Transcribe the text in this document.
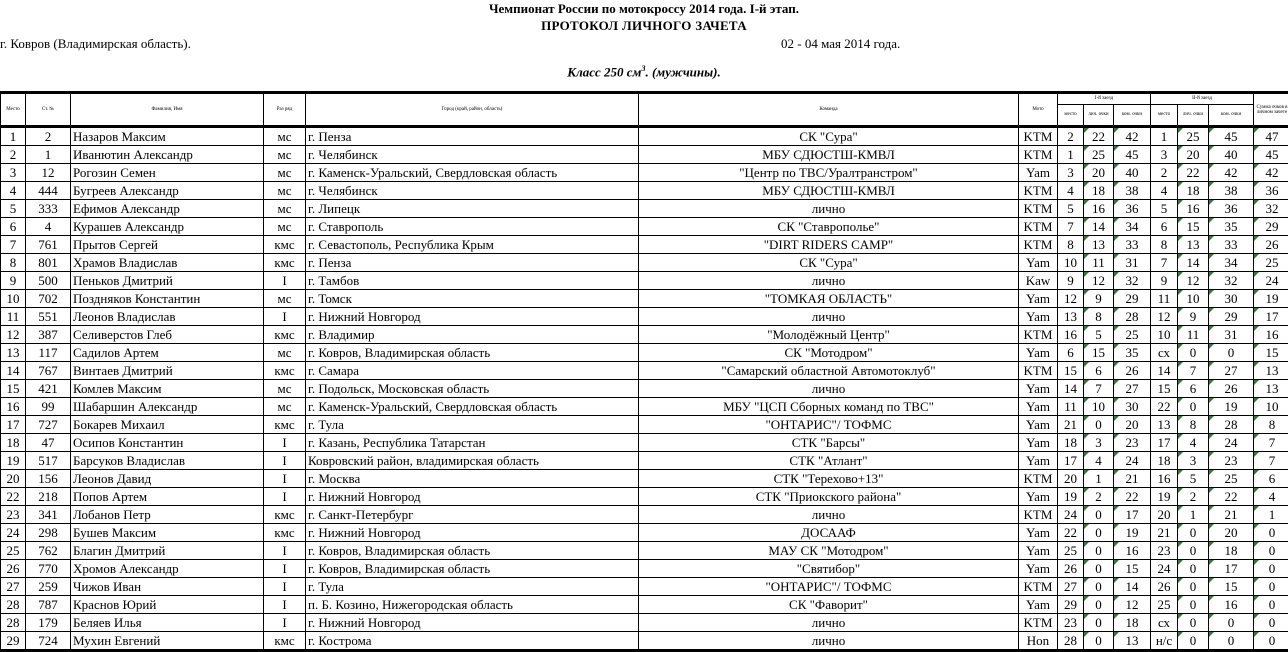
Чемпионат России по мотокроссу 2014 года. I-й этап.
ПРОТОКОЛ ЛИЧНОГО ЗАЧЕТА
г. Ковров (Владимирская область).	02 - 04 мая 2014 года.
Класс 250 $см^3$. (мужчины).
Место	Ст. №	Фамилия, Имя	Раз ряд	Город (край, район, область)	Команда	Мото	I-й заезд			II-й заезд			Сумма очков в личном зачете
							место	лич. очки	ком. очки	место	лич. очки	ком. очки	
1	2	Назаров Максим	мс	г. Пенза	СК "Сура"	KTM	2	22	42	1	25	45	47
2	1	Иванютин Александр	мс	г. Челябинск	МБУ СДЮСТШ-КМВЛ	KTM	1	25	45	3	20	40	45
3	12	Рогозин Семен	мс	г. Каменск-Уральский, Свердловская область	"Центр по ТВС/Уралтранстром"	Yam	3	20	40	2	22	42	42
4	444	Бугреев Александр	мс	г. Челябинск	МБУ СДЮСТШ-КМВЛ	KTM	4	18	38	4	18	38	36
5	333	Ефимов Александр	мс	г. Липецк	лично	KTM	5	16	36	5	16	36	32
6	4	Курашев Александр	мс	г. Ставрополь	СК "Ставрополье"	KTM	7	14	34	6	15	35	29
7	761	Прытов Сергей	кмс	г. Севастополь, Республика Крым	"DIRT RIDERS CAMP"	KTM	8	13	33	8	13	33	26
8	801	Храмов Владислав	кмс	г. Пенза	СК "Сура"	Yam	10	11	31	7	14	34	25
9	500	Пеньков Дмитрий	I	г. Тамбов	лично	Kaw	9	12	32	9	12	32	24
10	702	Поздняков Константин	мс	г. Томск	"ТОМКАЯ ОБЛАСТЬ"	Yam	12	9	29	11	10	30	19
11	551	Леонов Владислав	I	г. Нижний Новгород	лично	Yam	13	8	28	12	9	29	17
12	387	Селиверстов Глеб	кмс	г. Владимир	"Молодёжный Центр"	KTM	16	5	25	10	11	31	16
13	117	Садилов Артем	мс	г. Ковров, Владимирская область	СК "Мотодром"	Yam	6	15	35	сх	0	0	15
14	767	Винтаев Дмитрий	кмс	г. Самара	"Самарский областной Автомотоклуб"	KTM	15	6	26	14	7	27	13
15	421	Комлев Максим	мс	г. Подольск, Московская область	лично	Yam	14	7	27	15	6	26	13
16	99	Шабаршин Александр	мс	г. Каменск-Уральский, Свердловская область	МБУ "ЦСП Сборных команд по ТВС"	Yam	11	10	30	22	0	19	10
17	727	Бокарев Михаил	кмс	г. Тула	"ОНТАРИС"/ ТОФМС	Yam	21	0	20	13	8	28	8
18	47	Осипов Константин	I	г. Казань, Республика Татарстан	СТК "Барсы"	Yam	18	3	23	17	4	24	7
19	517	Барсуков Владислав	I	Ковровский район, владимирская область	СТК "Атлант"	Yam	17	4	24	18	3	23	7
20	156	Леонов Давид	I	г. Москва	СТК "Терехово+13"	KTM	20	1	21	16	5	25	6
22	218	Попов Артем	I	г. Нижний Новгород	СТК "Приокского района"	Yam	19	2	22	19	2	22	4
23	341	Лобанов Петр	кмс	г. Санкт-Петербург	лично	KTM	24	0	17	20	1	21	1
24	298	Бушев Максим	кмс	г. Нижний Новгород	ДОСААФ	Yam	22	0	19	21	0	20	0
25	762	Благин Дмитрий	I	г. Ковров, Владимирская область	МАУ СК "Мотодром"	Yam	25	0	16	23	0	18	0
26	770	Хромов Александр	I	г. Ковров, Владимирская область	"Святибор"	Yam	26	0	15	24	0	17	0
27	259	Чижов Иван	I	г. Тула	"ОНТАРИС"/ ТОФМС	KTM	27	0	14	26	0	15	0
28	787	Краснов Юрий	I	п. Б. Козино, Нижегородская область	СК "Фаворит"	Yam	29	0	12	25	0	16	0
28	179	Беляев Илья	I	г. Нижний Новгород	лично	KTM	23	0	18	сх	0	0	0
29	724	Мухин Евгений	кмс	г. Кострома	лично	Hon	28	0	13	н/с	0	0	0
